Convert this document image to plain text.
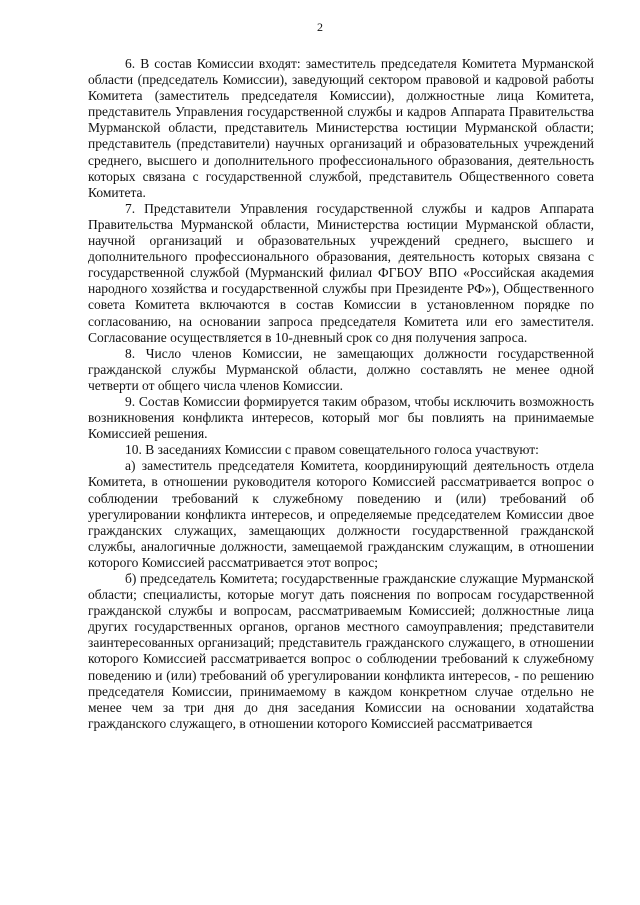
2

6. В состав Комиссии входят: заместитель председателя Комитета Мурманской области (председатель Комиссии), заведующий сектором правовой и кадровой работы Комитета (заместитель председателя Комиссии), должностные лица Комитета, представитель Управления государственной службы и кадров Аппарата Правительства Мурманской области, представитель Министерства юстиции Мурманской области; представитель (представители) научных организаций и образовательных учреждений среднего, высшего и дополнительного профессионального образования, деятельность которых связана с государственной службой, представитель Общественного совета Комитета.

7. Представители Управления государственной службы и кадров Аппарата Правительства Мурманской области, Министерства юстиции Мурманской области, научной организаций и образовательных учреждений среднего, высшего и дополнительного профессионального образования, деятельность которых связана с государственной службой (Мурманский филиал ФГБОУ ВПО «Российская академия народного хозяйства и государственной службы при Президенте РФ»), Общественного совета Комитета включаются в состав Комиссии в установленном порядке по согласованию, на основании запроса председателя Комитета или его заместителя. Согласование осуществляется в 10-дневный срок со дня получения запроса.

8. Число членов Комиссии, не замещающих должности государственной гражданской службы Мурманской области, должно составлять не менее одной четверти от общего числа членов Комиссии.

9. Состав Комиссии формируется таким образом, чтобы исключить возможность возникновения конфликта интересов, который мог бы повлиять на принимаемые Комиссией решения.

10. В заседаниях Комиссии с правом совещательного голоса участвуют:

а) заместитель председателя Комитета, координирующий деятельность отдела Комитета, в отношении руководителя которого Комиссией рассматривается вопрос о соблюдении требований к служебному поведению и (или) требований об урегулировании конфликта интересов, и определяемые председателем Комиссии двое гражданских служащих, замещающих должности государственной гражданской службы, аналогичные должности, замещаемой гражданским служащим, в отношении которого Комиссией рассматривается этот вопрос;

б) председатель Комитета; государственные гражданские служащие Мурманской области; специалисты, которые могут дать пояснения по вопросам государственной гражданской службы и вопросам, рассматриваемым Комиссией; должностные лица других государственных органов, органов местного самоуправления; представители заинтересованных организаций; представитель гражданского служащего, в отношении которого Комиссией рассматривается вопрос о соблюдении требований к служебному поведению и (или) требований об урегулировании конфликта интересов, - по решению председателя Комиссии, принимаемому в каждом конкретном случае отдельно не менее чем за три дня до дня заседания Комиссии на основании ходатайства гражданского служащего, в отношении которого Комиссией рассматривается
